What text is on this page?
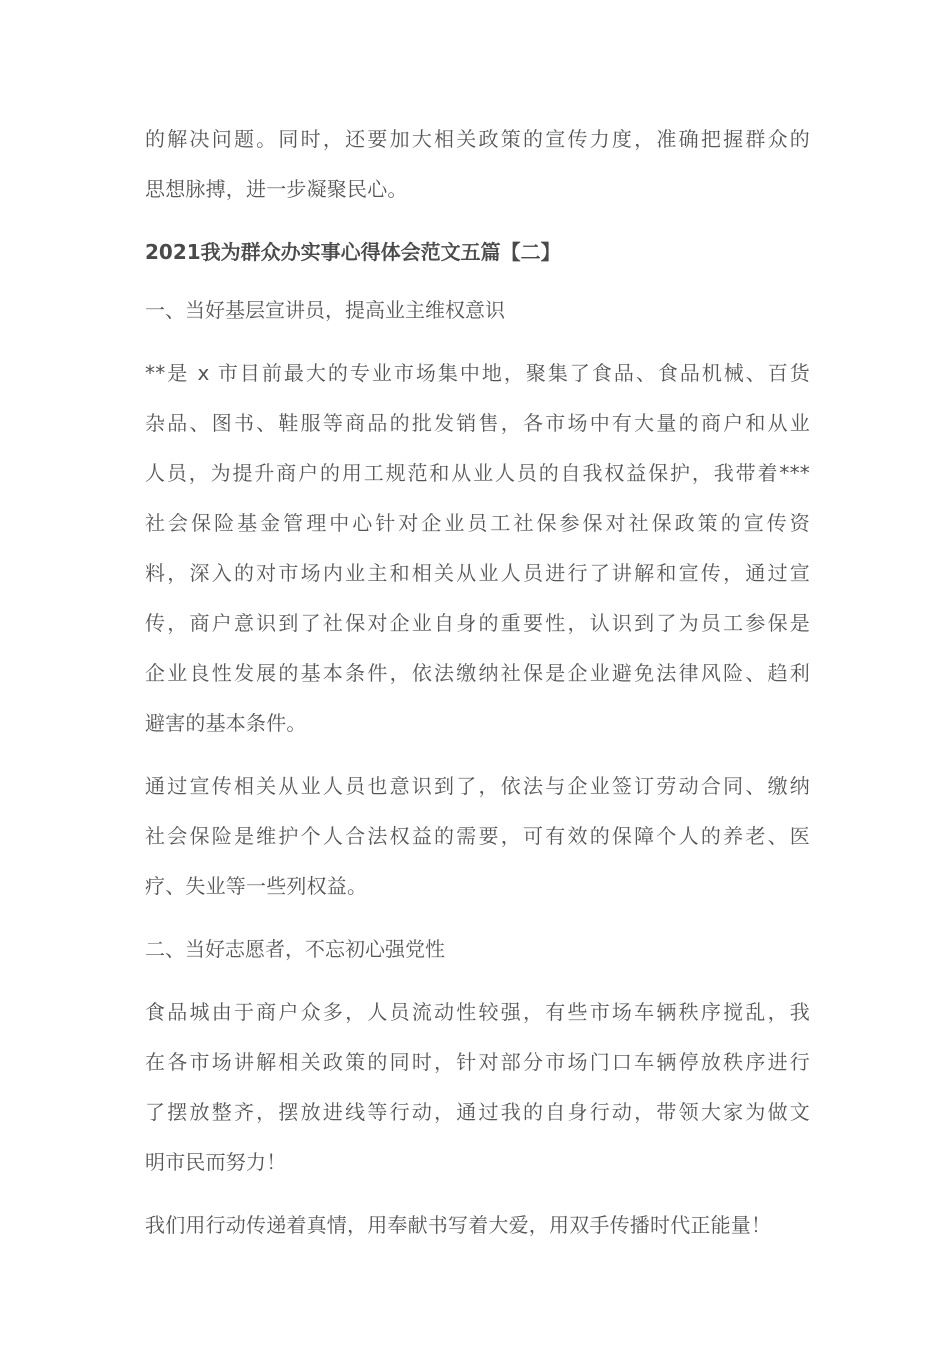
的解决问题。同时，还要加大相关政策的宣传力度，准确把握群众的
思想脉搏，进一步凝聚民心。

2021我为群众办实事心得体会范文五篇【二】
一、当好基层宣讲员，提高业主维权意识

**是 x 市目前最大的专业市场集中地，聚集了食品、食品机械、百货
杂品、图书、鞋服等商品的批发销售，各市场中有大量的商户和从业
人员，为提升商户的用工规范和从业人员的自我权益保护，我带着***
社会保险基金管理中心针对企业员工社保参保对社保政策的宣传资
料，深入的对市场内业主和相关从业人员进行了讲解和宣传，通过宣
传，商户意识到了社保对企业自身的重要性，认识到了为员工参保是
企业良性发展的基本条件，依法缴纳社保是企业避免法律风险、趋利
避害的基本条件。

通过宣传相关从业人员也意识到了，依法与企业签订劳动合同、缴纳
社会保险是维护个人合法权益的需要，可有效的保障个人的养老、医
疗、失业等一些列权益。

二、当好志愿者，不忘初心强党性

食品城由于商户众多，人员流动性较强，有些市场车辆秩序搅乱，我
在各市场讲解相关政策的同时，针对部分市场门口车辆停放秩序进行
了摆放整齐，摆放进线等行动，通过我的自身行动，带领大家为做文
明市民而努力！

我们用行动传递着真情，用奉献书写着大爱，用双手传播时代正能量！
